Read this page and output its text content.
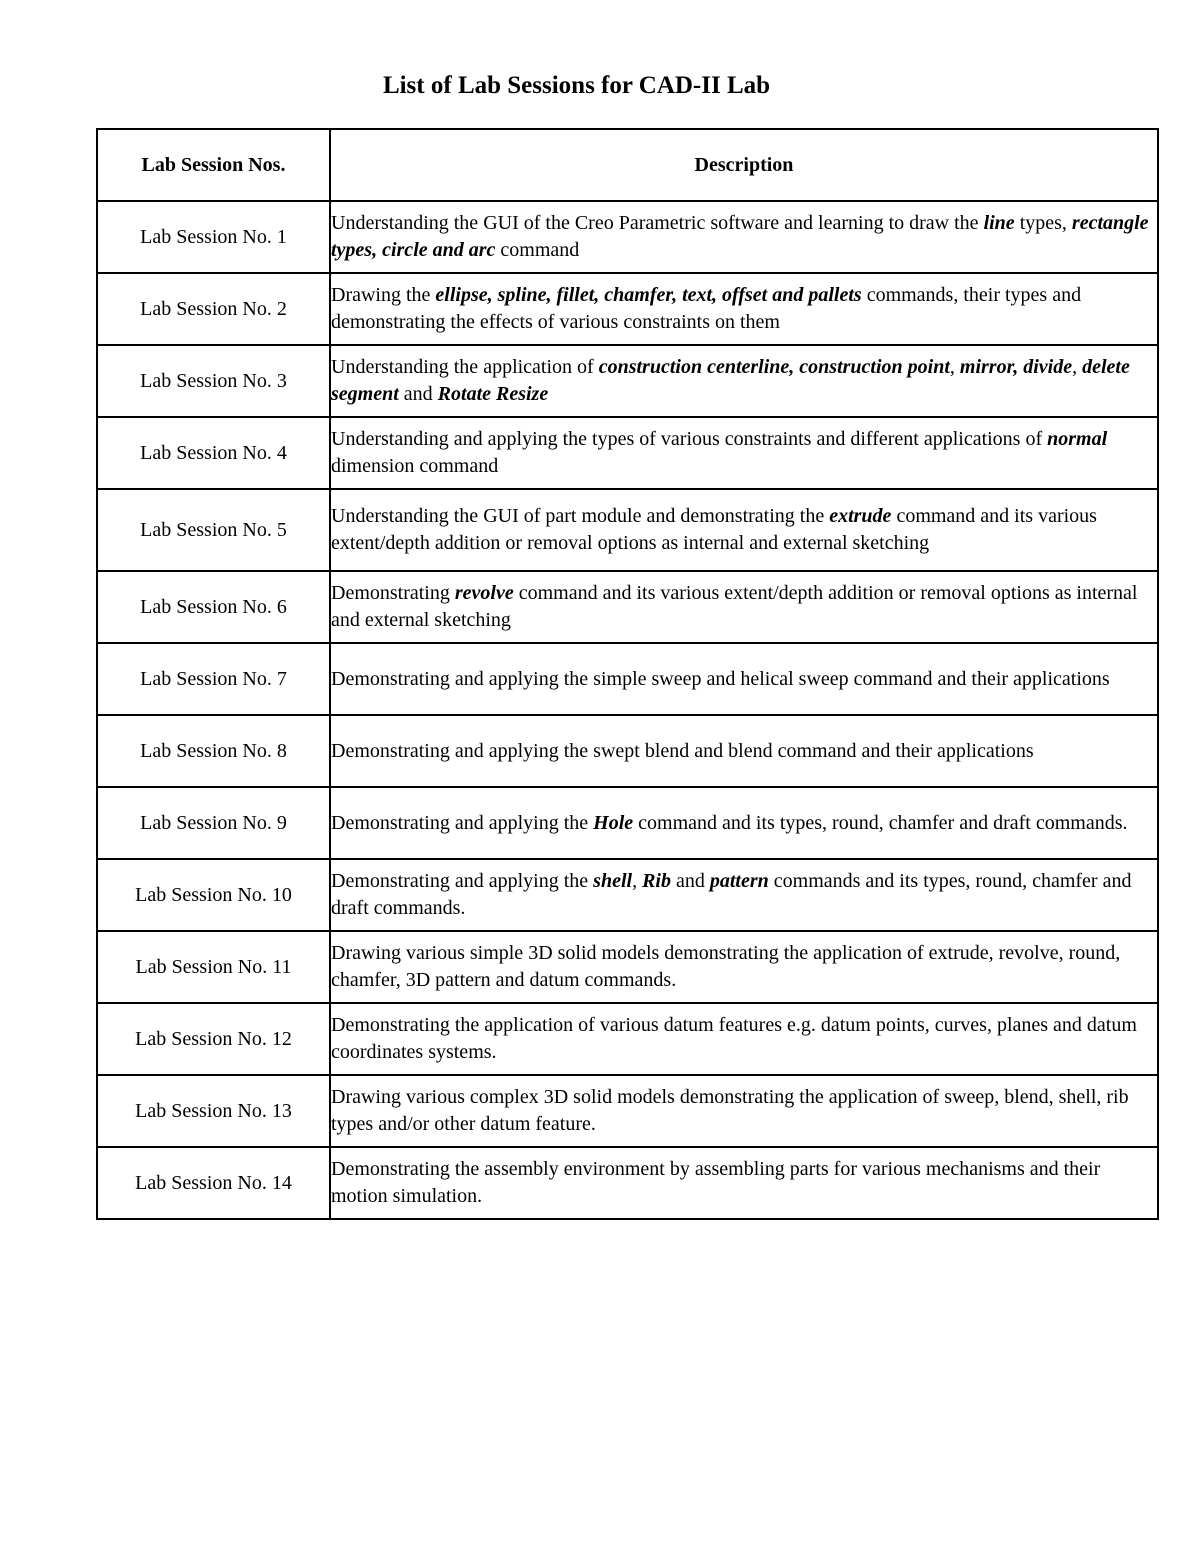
List of Lab Sessions for CAD-II Lab
Lab Session Nos.	Description
Lab Session No. 1	Understanding the GUI of the Creo Parametric software and learning to draw the line types, rectangle types, circle and arc command
Lab Session No. 2	Drawing the ellipse, spline, fillet, chamfer, text, offset and pallets commands, their types and demonstrating the effects of various constraints on them
Lab Session No. 3	Understanding the application of construction centerline, construction point, mirror, divide, delete segment and Rotate Resize
Lab Session No. 4	Understanding and applying the types of various constraints and different applications of normal dimension command
Lab Session No. 5	Understanding the GUI of part module and demonstrating the extrude command and its various extent/depth addition or removal options as internal and external sketching
Lab Session No. 6	Demonstrating revolve command and its various extent/depth addition or removal options as internal and external sketching
Lab Session No. 7	Demonstrating and applying the simple sweep and helical sweep command and their applications
Lab Session No. 8	Demonstrating and applying the swept blend and blend command and their applications
Lab Session No. 9	Demonstrating and applying the Hole command and its types, round, chamfer and draft commands.
Lab Session No. 10	Demonstrating and applying the shell, Rib and pattern commands and its types, round, chamfer and draft commands.
Lab Session No. 11	Drawing various simple 3D solid models demonstrating the application of extrude, revolve, round, chamfer, 3D pattern and datum commands.
Lab Session No. 12	Demonstrating the application of various datum features e.g. datum points, curves, planes and datum coordinates systems.
Lab Session No. 13	Drawing various complex 3D solid models demonstrating the application of sweep, blend, shell, rib types and/or other datum feature.
Lab Session No. 14	Demonstrating the assembly environment by assembling parts for various mechanisms and their motion simulation.
